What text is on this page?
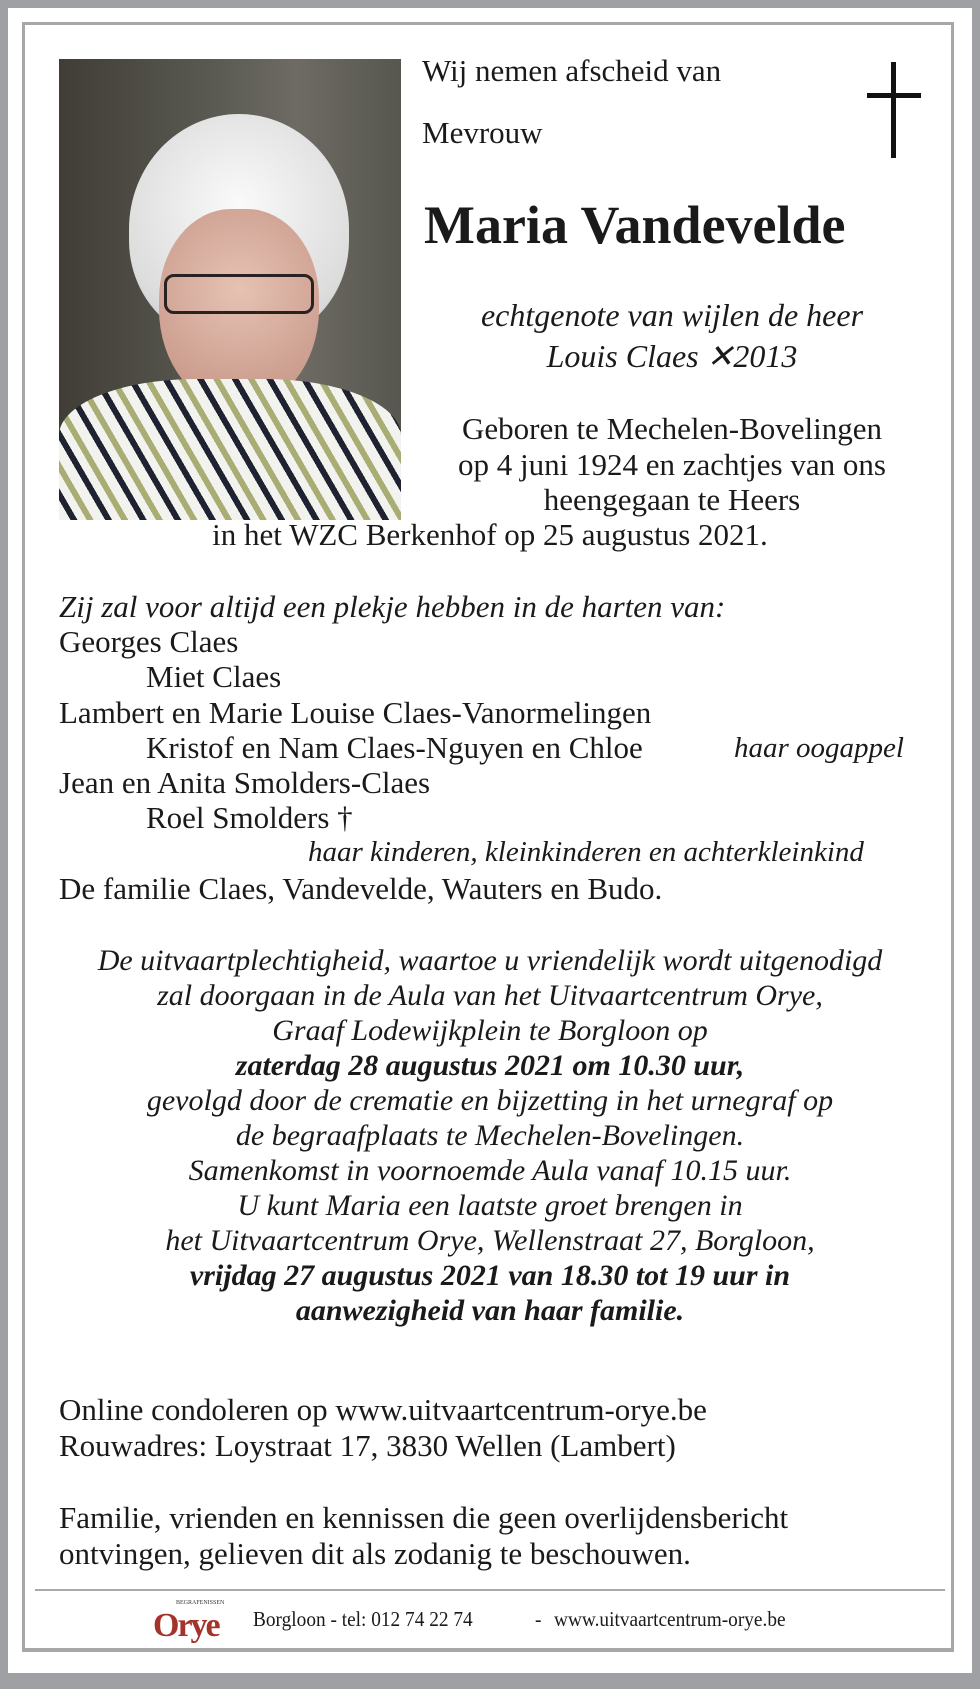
Wij nemen afscheid van
Mevrouw
Maria Vandevelde
echtgenote van wijlen de heer
Louis Claes ✕2013
Geboren te Mechelen-Bovelingen
op 4 juni 1924 en zachtjes van ons
heengegaan te Heers
in het WZC Berkenhof op 25 augustus 2021.
Zij zal voor altijd een plekje hebben in de harten van:
Georges Claes
Miet Claes
Lambert en Marie Louise Claes-Vanormelingen
Kristof en Nam Claes-Nguyen en Chloe	haar oogappel
Jean en Anita Smolders-Claes
Roel Smolders †
haar kinderen, kleinkinderen en achterkleinkind
De familie Claes, Vandevelde, Wauters en Budo.
De uitvaartplechtigheid, waartoe u vriendelijk wordt uitgenodigd
zal doorgaan in de Aula van het Uitvaartcentrum Orye,
Graaf Lodewijkplein te Borgloon op
zaterdag 28 augustus 2021 om 10.30 uur,
gevolgd door de crematie en bijzetting in het urnegraf op
de begraafplaats te Mechelen-Bovelingen.
Samenkomst in voornoemde Aula vanaf 10.15 uur.
U kunt Maria een laatste groet brengen in
het Uitvaartcentrum Orye, Wellenstraat 27, Borgloon,
vrijdag 27 augustus 2021 van 18.30 tot 19 uur in
aanwezigheid van haar familie.
Online condoleren op www.uitvaartcentrum-orye.be
Rouwadres: Loystraat 17, 3830 Wellen (Lambert)
Familie, vrienden en kennissen die geen overlijdensbericht
ontvingen, gelieven dit als zodanig te beschouwen.
BEGRAFENISSEN
Orye Borgloon - tel: 012 74 22 74	- www.uitvaartcentrum-orye.be
